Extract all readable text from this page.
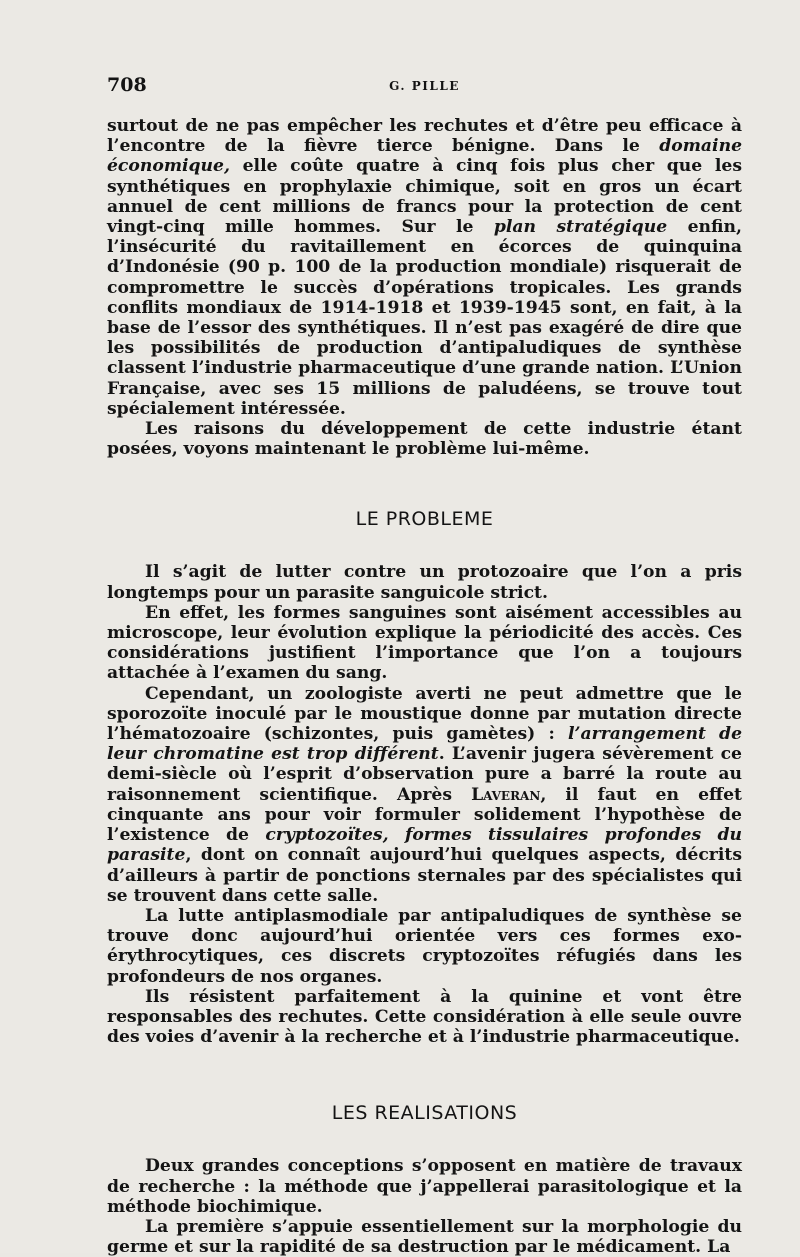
708	G. PILLE

surtout de ne pas empêcher les rechutes et d’être peu efficace à l’encontre de la fièvre tierce bénigne. Dans le domaine économique, elle coûte quatre à cinq fois plus cher que les synthétiques en prophylaxie chimique, soit en gros un écart annuel de cent millions de francs pour la protection de cent vingt-cinq mille hommes. Sur le plan stratégique enfin, l’insécurité du ravitaillement en écorces de quinquina d’Indonésie (90 p. 100 de la production mondiale) risquerait de compromettre le succès d’opérations tropicales. Les grands conflits mondiaux de 1914-1918 et 1939-1945 sont, en fait, à la base de l’essor des synthétiques. Il n’est pas exagéré de dire que les possibilités de production d’antipaludiques de synthèse classent l’industrie pharmaceutique d’une grande nation. L’Union Française, avec ses 15 millions de paludéens, se trouve tout spécialement intéressée.

Les raisons du développement de cette industrie étant posées, voyons maintenant le problème lui-même.

LE PROBLEME

Il s’agit de lutter contre un protozoaire que l’on a pris longtemps pour un parasite sanguicole strict.

En effet, les formes sanguines sont aisément accessibles au microscope, leur évolution explique la périodicité des accès. Ces considérations justifient l’importance que l’on a toujours attachée à l’examen du sang.

Cependant, un zoologiste averti ne peut admettre que le sporozoïte inoculé par le moustique donne par mutation directe l’hématozoaire (schizontes, puis gamètes) : l’arrangement de leur chromatine est trop différent. L’avenir jugera sévèrement ce demi-siècle où l’esprit d’observation pure a barré la route au raisonnement scientifique. Après Laveran, il faut en effet cinquante ans pour voir formuler solidement l’hypothèse de l’existence de cryptozoïtes, formes tissulaires profondes du parasite, dont on connaît aujourd’hui quelques aspects, décrits d’ailleurs à partir de ponctions sternales par des spécialistes qui se trouvent dans cette salle.

La lutte antiplasmodiale par antipaludiques de synthèse se trouve donc aujourd’hui orientée vers ces formes exo-érythrocytiques, ces discrets cryptozoïtes réfugiés dans les profondeurs de nos organes.

Ils résistent parfaitement à la quinine et vont être responsables des rechutes. Cette considération à elle seule ouvre des voies d’avenir à la recherche et à l’industrie pharmaceutique.

LES REALISATIONS

Deux grandes conceptions s’opposent en matière de travaux de recherche : la méthode que j’appellerai parasitologique et la méthode biochimique.

La première s’appuie essentiellement sur la morphologie du germe et sur la rapidité de sa destruction par le médicament. La
